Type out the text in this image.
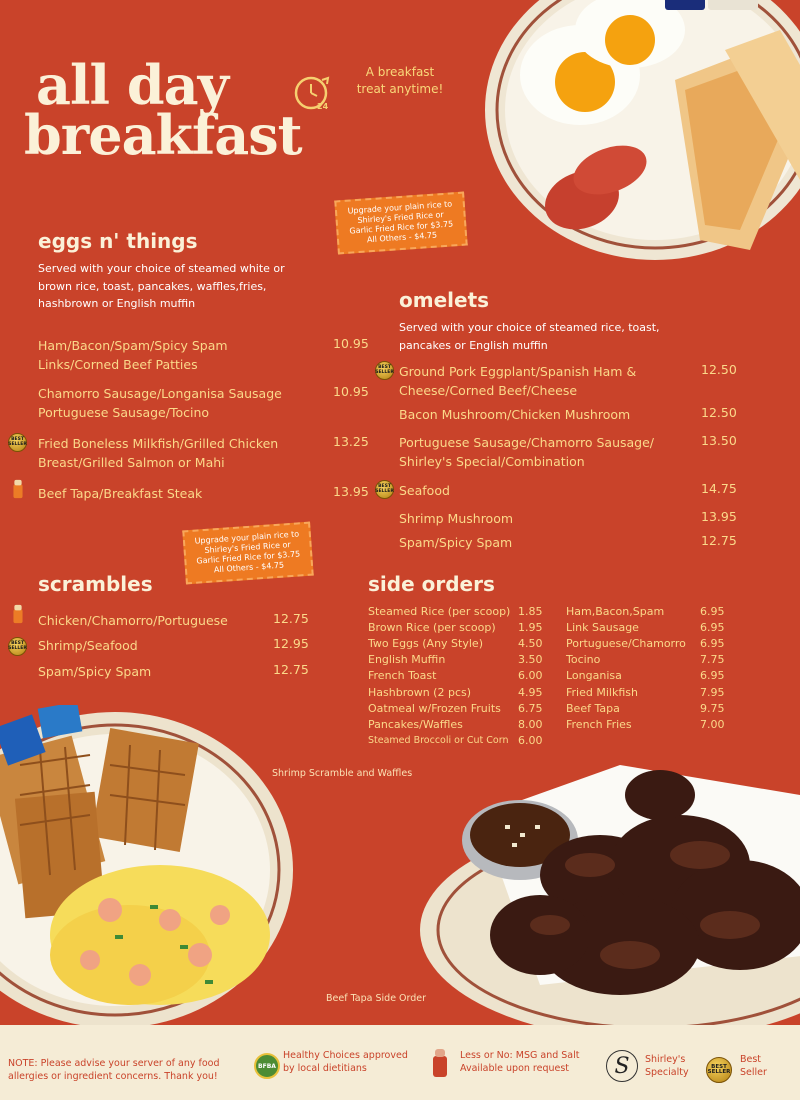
all day
breakfast 24
A breakfast treat anytime!
Upgrade your plain rice to Shirley's Fried Rice or Garlic Fried Rice for $3.75 All Others - $4.75
eggs n' things
Served with your choice of steamed white or brown rice, toast, pancakes, waffles,fries, hashbrown or English muffin
Ham/Bacon/Spam/Spicy Spam Links/Corned Beef Patties
10.95
Chamorro Sausage/Longanisa Sausage Portuguese Sausage/Tocino
10.95
BEST SELLER Fried Boneless Milkfish/Grilled Chicken Breast/Grilled Salmon or Mahi
13.25
Beef Tapa/Breakfast Steak	13.95
omelets
Served with your choice of steamed rice, toast, pancakes or English muffin
BEST SELLER Ground Pork Eggplant/Spanish Ham & Cheese/Corned Beef/Cheese
12.50
Bacon Mushroom/Chicken Mushroom	12.50
Portuguese Sausage/Chamorro Sausage/ Shirley's Special/Combination
13.50
BEST SELLER Seafood	14.75
Shrimp Mushroom	13.95
Spam/Spicy Spam	12.75
Upgrade your plain rice to Shirley's Fried Rice or Garlic Fried Rice for $3.75 All Others - $4.75
scrambles
Chicken/Chamorro/Portuguese	12.75
BEST SELLER Shrimp/Seafood	12.95
Spam/Spicy Spam	12.75
side orders
Steamed Rice (per scoop) 1.85
Brown Rice (per scoop)	1.95
Two Eggs (Any Style)	4.50
English Muffin	3.50
French Toast	6.00
Hashbrown (2 pcs)	4.95
Oatmeal w/Frozen Fruits	6.75
Pancakes/Waffles	8.00
Steamed Broccoli or Cut Corn 6.00
Ham,Bacon,Spam	6.95
Link Sausage	6.95
Portuguese/Chamorro	6.95
Tocino	7.75
Longanisa	6.95
Fried Milkfish	7.95
Beef Tapa	9.75
French Fries	7.00
Shrimp Scramble and Waffles
Beef Tapa Side Order
NOTE: Please advise your server of any food allergies or ingredient concerns. Thank you!
BFBA
Healthy Choices approved by local dietitians
Less or No: MSG and Salt Available upon request	S Shirley's Specialty
BEST SELLER
Best Seller
